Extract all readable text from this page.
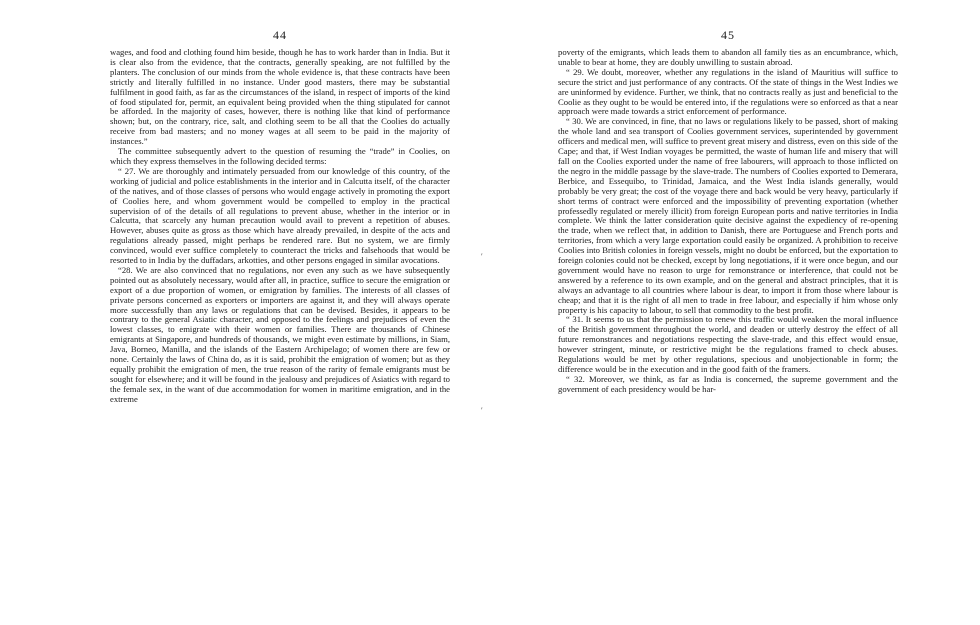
44

wages, and food and clothing found him beside, though he has to work harder than in India. But it is clear also from the evidence, that the contracts, generally speaking, are not fulfilled by the planters. The conclusion of our minds from the whole evidence is, that these contracts have been strictly and literally fulfilled in no instance. Under good masters, there may be substantial fulfilment in good faith, as far as the circumstances of the island, in respect of imports of the kind of food stipulated for, permit, an equivalent being provided when the thing stipulated for cannot be afforded. In the majority of cases, however, there is nothing like that kind of performance shown; but, on the contrary, rice, salt, and clothing seem to be all that the Coolies do actually receive from bad masters; and no money wages at all seem to be paid in the majority of instances.”

The committee subsequently advert to the question of resuming the “trade” in Coolies, on which they express themselves in the following decided terms:

“ 27. We are thoroughly and intimately persuaded from our knowledge of this country, of the working of judicial and police establishments in the interior and in Calcutta itself, of the character of the natives, and of those classes of persons who would engage actively in promoting the export of Coolies here, and whom government would be compelled to employ in the practical supervision of of the details of all regulations to prevent abuse, whether in the interior or in Calcutta, that scarcely any human precaution would avail to prevent a repetition of abuses. However, abuses quite as gross as those which have already prevailed, in despite of the acts and regulations already passed, might perhaps be rendered rare. But no system, we are firmly convinced, would ever suffice completely to counteract the tricks and falsehoods that would be resorted to in India by the duffadars, arkotties, and other persons engaged in similar avocations.

“28. We are also convinced that no regulations, nor even any such as we have subsequently pointed out as absolutely necessary, would after all, in practice, suffice to secure the emigration or export of a due proportion of women, or emigration by families. The interests of all classes of private persons concerned as exporters or importers are against it, and they will always operate more successfully than any laws or regulations that can be devised. Besides, it appears to be contrary to the general Asiatic character, and opposed to the feelings and prejudices of even the lowest classes, to emigrate with their women or families. There are thousands of Chinese emigrants at Singapore, and hundreds of thousands, we might even estimate by millions, in Siam, Java, Borneo, Manilla, and the islands of the Eastern Archipelago; of women there are few or none. Certainly the laws of China do, as it is said, prohibit the emigration of women; but as they equally prohibit the emigration of men, the true reason of the rarity of female emigrants must be sought for elsewhere; and it will be found in the jealousy and prejudices of Asiatics with regard to the female sex, in the want of due accommodation for women in maritime emigration, and in the extreme

45

poverty of the emigrants, which leads them to abandon all family ties as an encumbrance, which, unable to bear at home, they are doubly unwilling to sustain abroad.

“ 29. We doubt, moreover, whether any regulations in the island of Mauritius will suffice to secure the strict and just performance of any contracts. Of the state of things in the West Indies we are uninformed by evidence. Further, we think, that no contracts really as just and beneficial to the Coolie as they ought to be would be entered into, if the regulations were so enforced as that a near approach were made towards a strict enforcement of performance.

“ 30. We are convinced, in fine, that no laws or regulations likely to be passed, short of making the whole land and sea transport of Coolies government services, superintended by government officers and medical men, will suffice to prevent great misery and distress, even on this side of the Cape; and that, if West Indian voyages be permitted, the waste of human life and misery that will fall on the Coolies exported under the name of free labourers, will approach to those inflicted on the negro in the middle passage by the slave-trade. The numbers of Coolies exported to Demerara, Berbice, and Essequibo, to Trinidad, Jamaica, and the West India islands generally, would probably be very great; the cost of the voyage there and back would be very heavy, particularly if short terms of contract were enforced and the impossibility of preventing exportation (whether professedly regulated or merely illicit) from foreign European ports and native territories in India complete. We think the latter consideration quite decisive against the expediency of re-opening the trade, when we reflect that, in addition to Danish, there are Portuguese and French ports and territories, from which a very large exportation could easily be organized. A prohibition to receive Coolies into British colonies in foreign vessels, might no doubt be enforced, but the exportation to foreign colonies could not be checked, except by long negotiations, if it were once begun, and our government would have no reason to urge for remonstrance or interference, that could not be answered by a reference to its own example, and on the general and abstract principles, that it is always an advantage to all countries where labour is dear, to import it from those where labour is cheap; and that it is the right of all men to trade in free labour, and especially if him whose only property is his capacity to labour, to sell that commodity to the best profit.

“ 31. It seems to us that the permission to renew this traffic would weaken the moral influence of the British government throughout the world, and deaden or utterly destroy the effect of all future remonstrances and negotiations respecting the slave-trade, and this effect would ensue, however stringent, minute, or restrictive might be the regulations framed to check abuses. Regulations would be met by other regulations, specious and unobjectionable in form; the difference would be in the execution and in the good faith of the framers.

“ 32. Moreover, we think, as far as India is concerned, the supreme government and the government of each presidency would be har-

′
′
